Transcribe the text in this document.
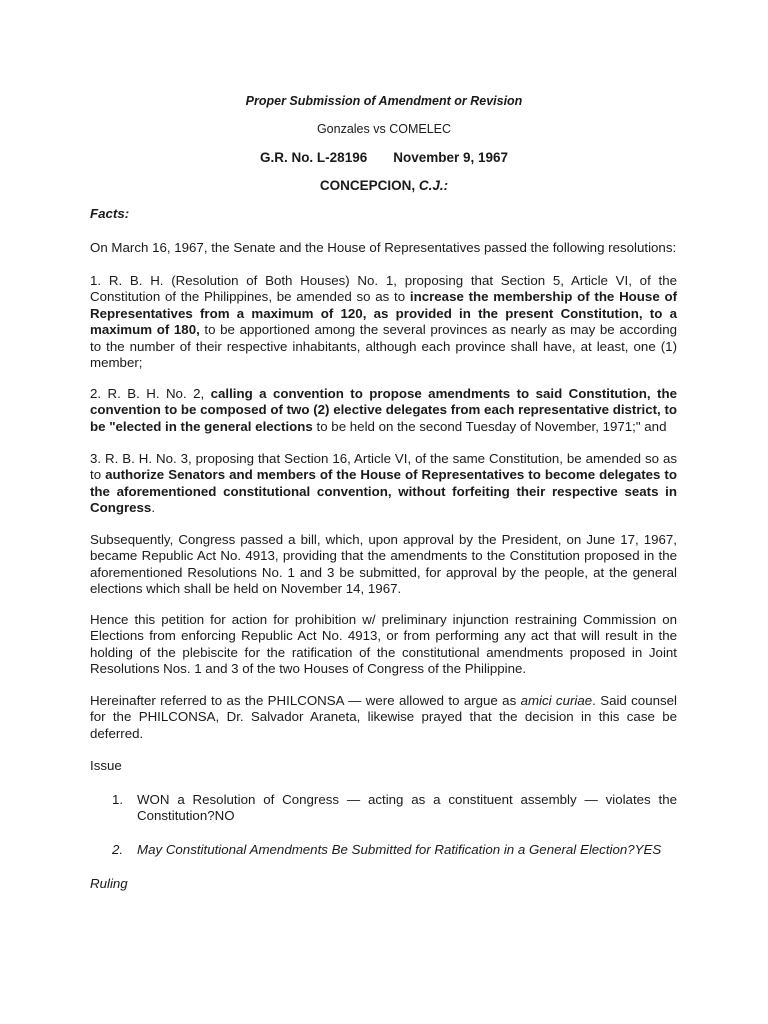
Proper Submission of Amendment or Revision
Gonzales vs COMELEC
G.R. No. L-28196 November 9, 1967
CONCEPCION, C.J.:
Facts:
On March 16, 1967, the Senate and the House of Representatives passed the following resolutions:
1. R. B. H. (Resolution of Both Houses) No. 1, proposing that Section 5, Article VI, of the Constitution of the Philippines, be amended so as to increase the membership of the House of Representatives from a maximum of 120, as provided in the present Constitution, to a maximum of 180, to be apportioned among the several provinces as nearly as may be according to the number of their respective inhabitants, although each province shall have, at least, one (1) member;
2. R. B. H. No. 2, calling a convention to propose amendments to said Constitution, the convention to be composed of two (2) elective delegates from each representative district, to be "elected in the general elections to be held on the second Tuesday of November, 1971;" and
3. R. B. H. No. 3, proposing that Section 16, Article VI, of the same Constitution, be amended so as to authorize Senators and members of the House of Representatives to become delegates to the aforementioned constitutional convention, without forfeiting their respective seats in Congress.
Subsequently, Congress passed a bill, which, upon approval by the President, on June 17, 1967, became Republic Act No. 4913, providing that the amendments to the Constitution proposed in the aforementioned Resolutions No. 1 and 3 be submitted, for approval by the people, at the general elections which shall be held on November 14, 1967.
Hence this petition for action for prohibition w/ preliminary injunction restraining Commission on Elections from enforcing Republic Act No. 4913, or from performing any act that will result in the holding of the plebiscite for the ratification of the constitutional amendments proposed in Joint Resolutions Nos. 1 and 3 of the two Houses of Congress of the Philippine.
Hereinafter referred to as the PHILCONSA — were allowed to argue as amici curiae. Said counsel for the PHILCONSA, Dr. Salvador Araneta, likewise prayed that the decision in this case be deferred.
Issue
1.	WON a Resolution of Congress — acting as a constituent assembly — violates the Constitution?NO
2.	May Constitutional Amendments Be Submitted for Ratification in a General Election?YES
Ruling
